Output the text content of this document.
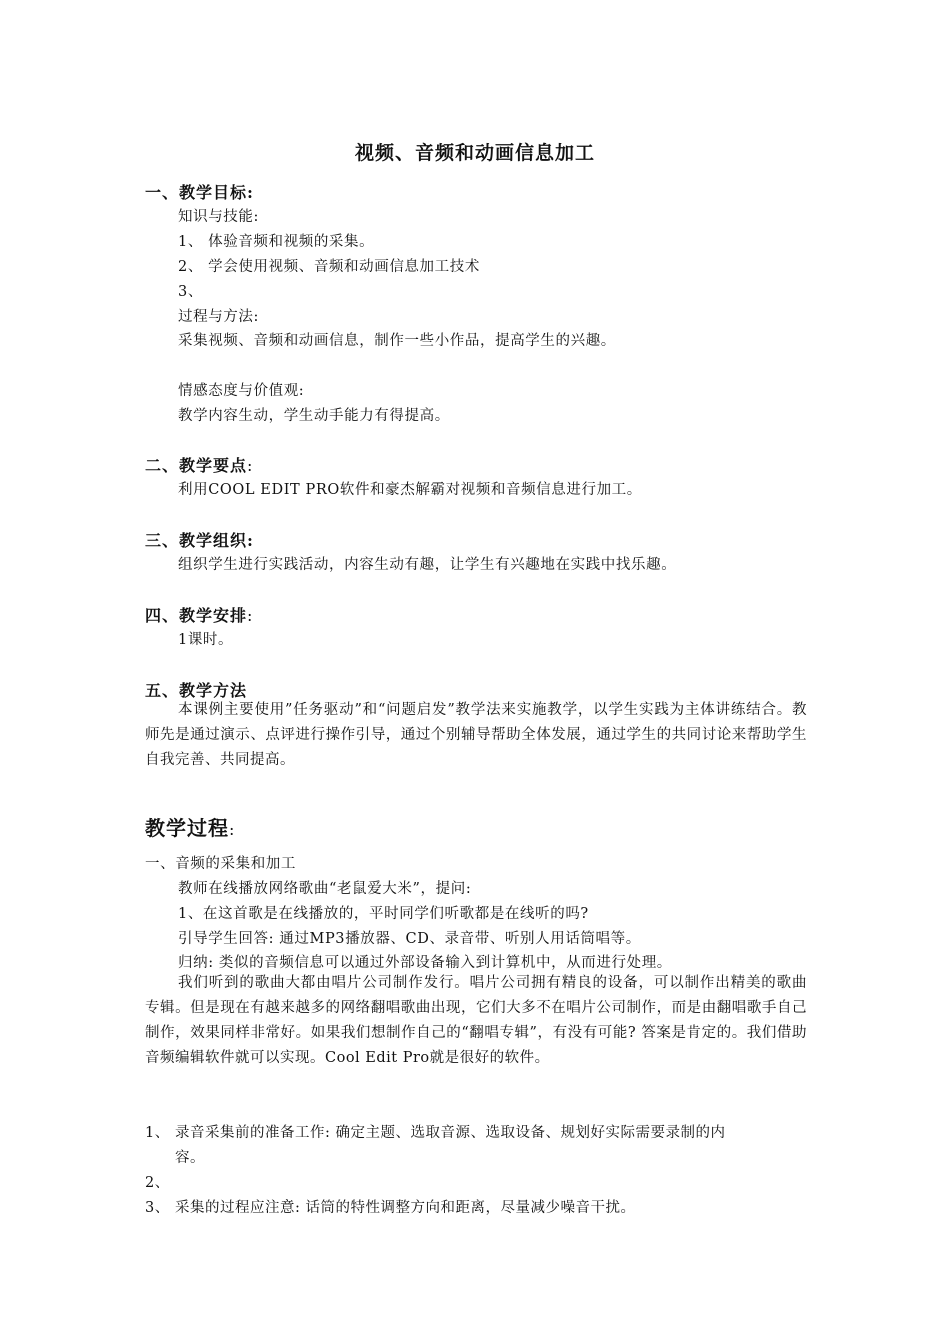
视频、音频和动画信息加工
一、教学目标:
知识与技能:
1、 体验音频和视频的采集。
2、 学会使用视频、音频和动画信息加工技术
3、
过程与方法:
采集视频、音频和动画信息，制作一些小作品，提高学生的兴趣。
情感态度与价值观:
教学内容生动，学生动手能力有得提高。
二、教学要点:
利用COOL EDIT PRO软件和豪杰解霸对视频和音频信息进行加工。
三、教学组织:
组织学生进行实践活动，内容生动有趣，让学生有兴趣地在实践中找乐趣。
四、教学安排:
1课时。
五、教学方法
本课例主要使用”任务驱动”和“问题启发”教学法来实施教学，以学生实践为主体讲练结合。教师先是通过演示、点评进行操作引导，通过个别辅导帮助全体发展，通过学生的共同讨论来帮助学生自我完善、共同提高。
教学过程:
一、音频的采集和加工
教师在线播放网络歌曲“老鼠爱大米”，提问:
1、在这首歌是在线播放的，平时同学们听歌都是在线听的吗?
引导学生回答: 通过MP3播放器、CD、录音带、听别人用话筒唱等。
归纳: 类似的音频信息可以通过外部设备输入到计算机中，从而进行处理。
我们听到的歌曲大都由唱片公司制作发行。唱片公司拥有精良的设备，可以制作出精美的歌曲专辑。但是现在有越来越多的网络翻唱歌曲出现，它们大多不在唱片公司制作，而是由翻唱歌手自己制作，效果同样非常好。如果我们想制作自己的“翻唱专辑”，有没有可能? 答案是肯定的。我们借助音频编辑软件就可以实现。Cool Edit Pro就是很好的软件。
1、 录音采集前的准备工作: 确定主题、选取音源、选取设备、规划好实际需要录制的内
容。
2、
3、 采集的过程应注意: 话筒的特性调整方向和距离，尽量减少噪音干扰。
